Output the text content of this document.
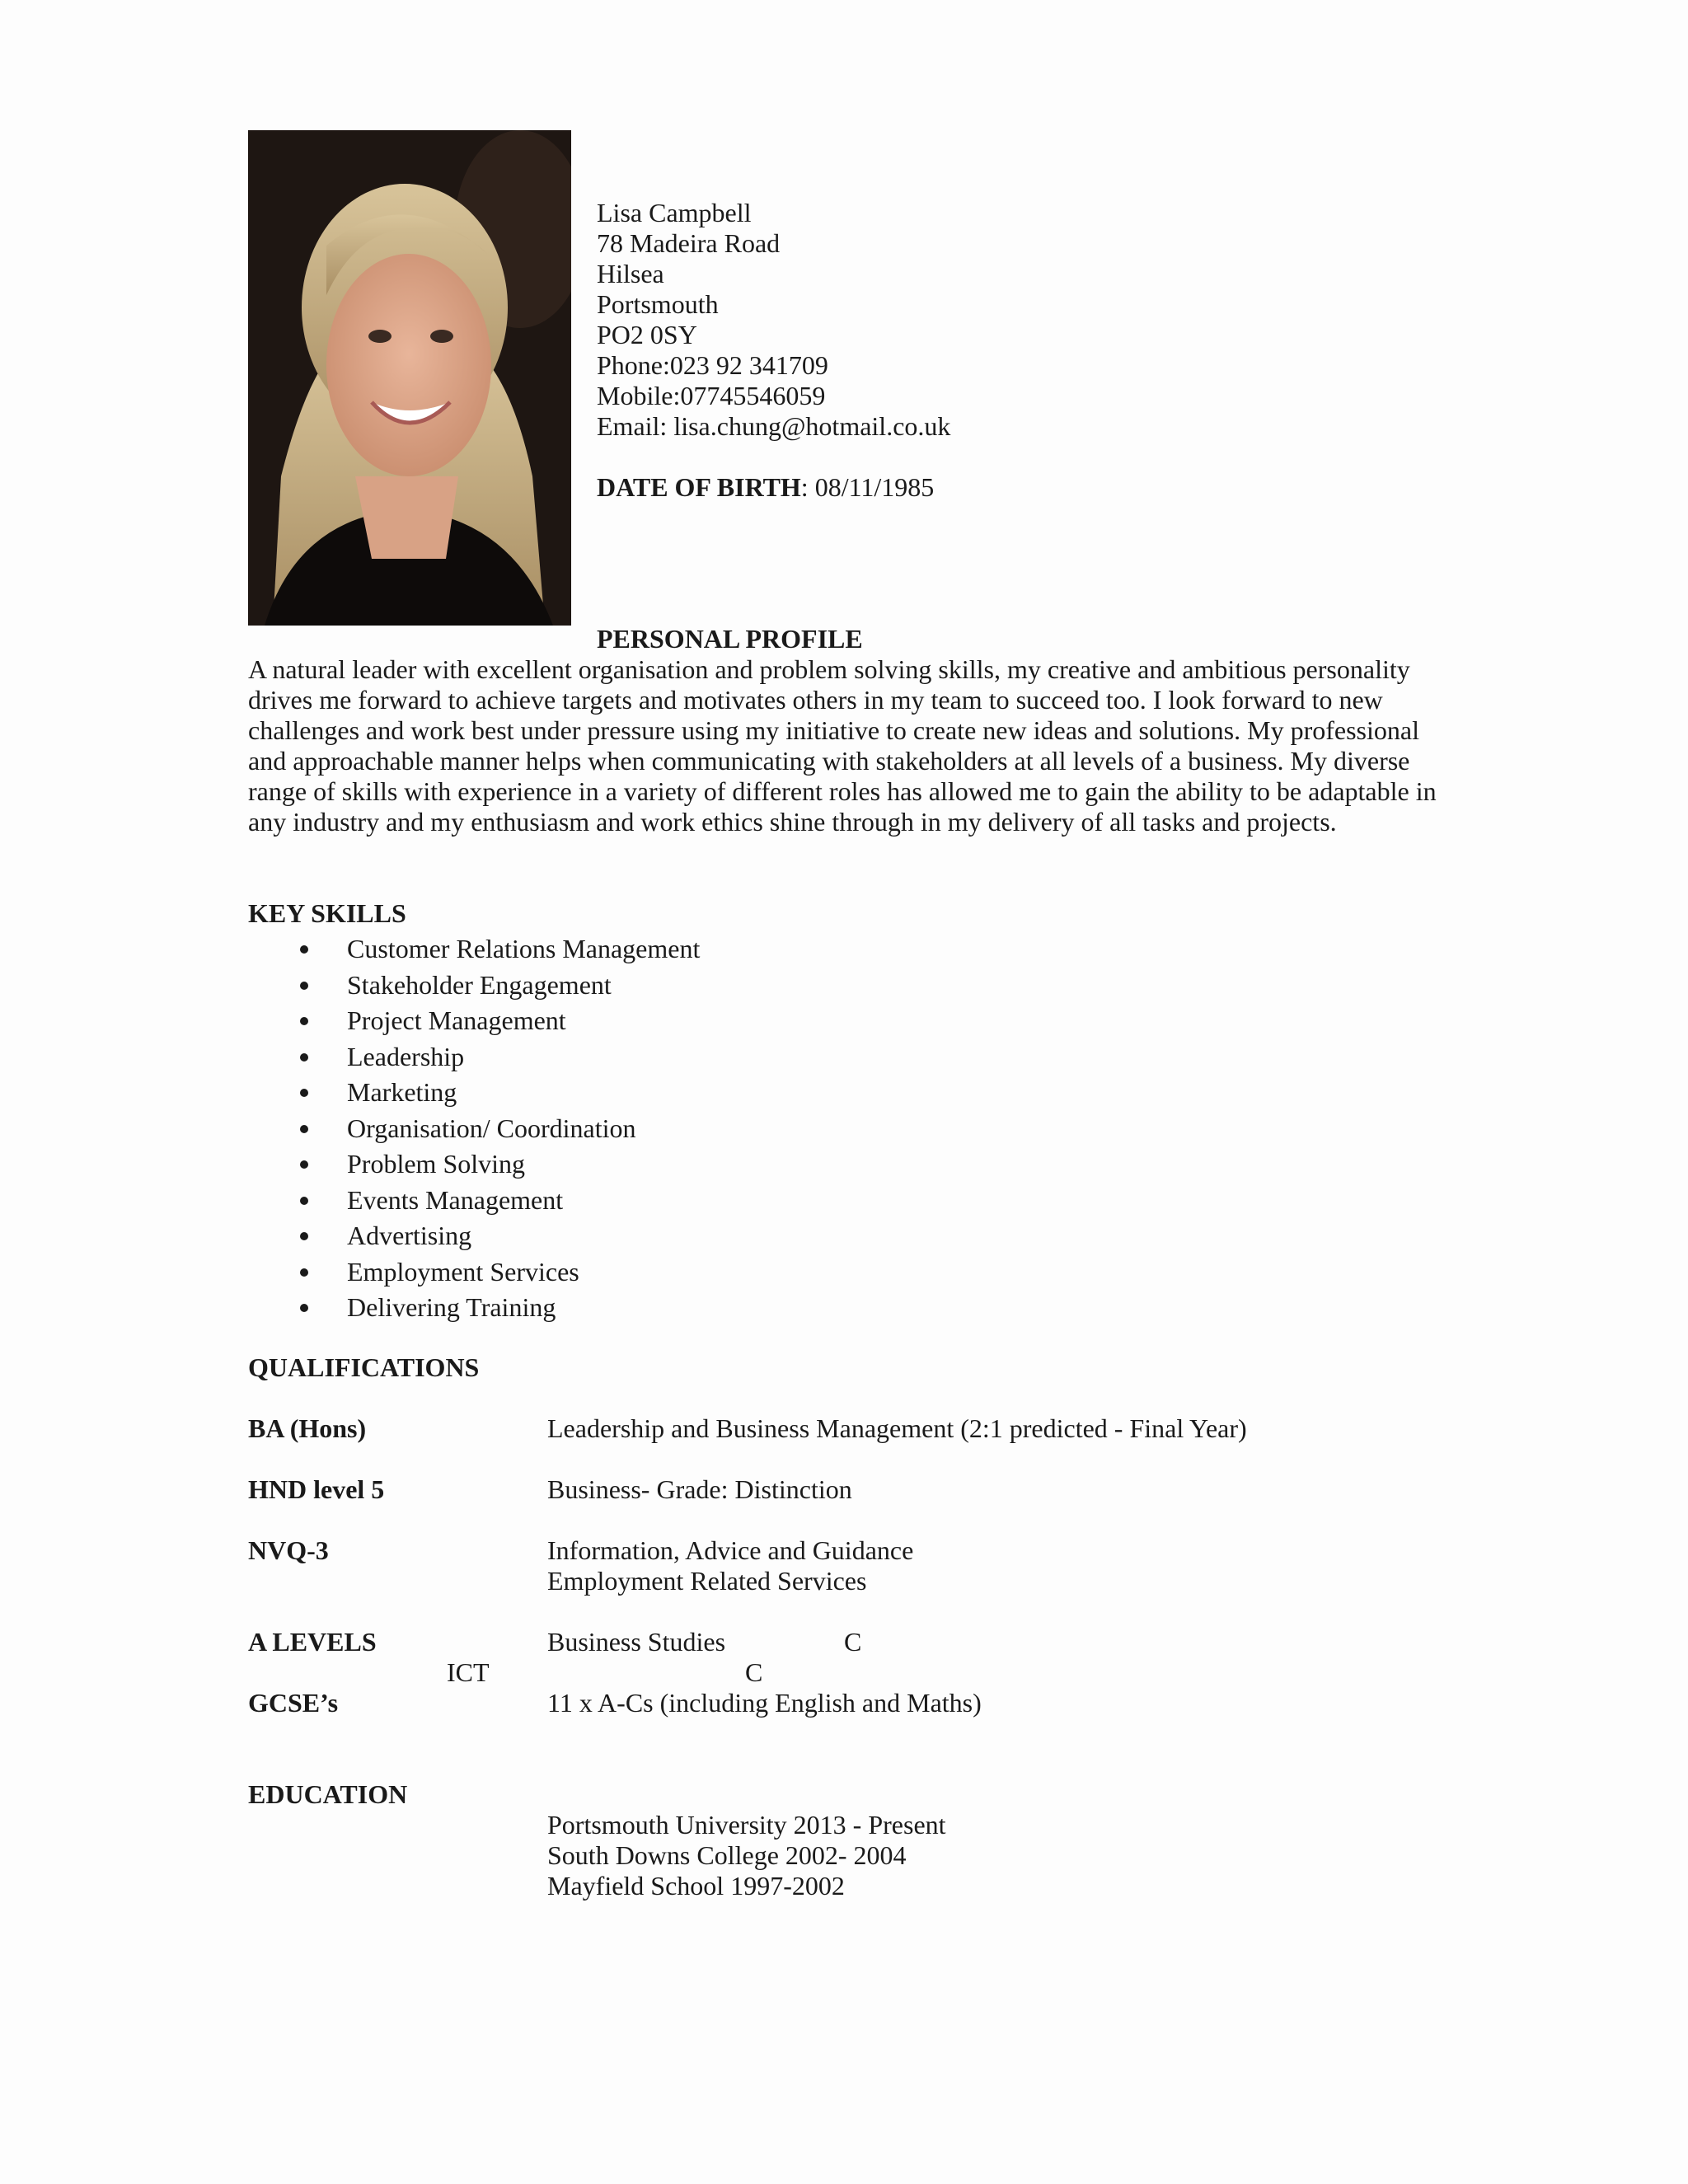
Lisa Campbell
78 Madeira Road
Hilsea
Portsmouth
PO2 0SY
Phone:023 92 341709
Mobile:07745546059
Email: lisa.chung@hotmail.co.uk
DATE OF BIRTH: 08/11/1985
PERSONAL PROFILE

A natural leader with excellent organisation and problem solving skills, my creative and ambitious personality drives me forward to achieve targets and motivates others in my team to succeed too. I look forward to new challenges and work best under pressure using my initiative to create new ideas and solutions. My professional and approachable manner helps when communicating with stakeholders at all levels of a business. My diverse range of skills with experience in a variety of different roles has allowed me to gain the ability to be adaptable in any industry and my enthusiasm and work ethics shine through in my delivery of all tasks and projects.

KEY SKILLS
Customer Relations Management
Stakeholder Engagement
Project Management
Leadership
Marketing
Organisation/ Coordination
Problem Solving
Events Management
Advertising
Employment Services
Delivering Training
QUALIFICATIONS
BA (Hons)	Leadership and Business Management (2:1 predicted - Final Year)
HND level 5	Business- Grade: Distinction
NVQ-3	Information, Advice and Guidance
Employment Related Services
A LEVELS	Business Studies	C
ICT	C
GCSE’s	11 x A-Cs (including English and Maths)
EDUCATION
Portsmouth University 2013 - Present
South Downs College 2002- 2004
Mayfield School 1997-2002
